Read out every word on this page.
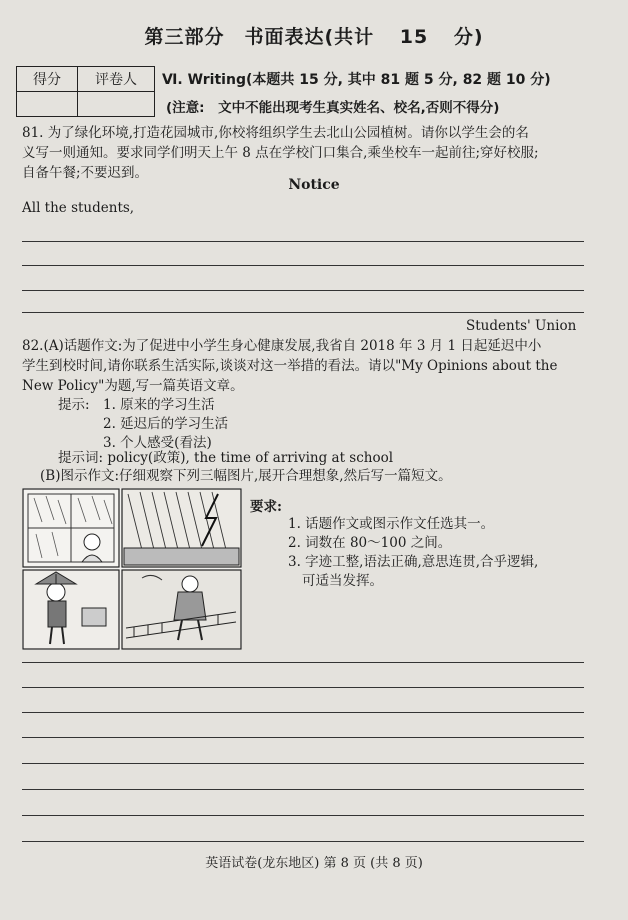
第三部分　书面表达(共计 15 分)
得分	评卷人
	Ⅵ. Writing(本题共 15 分, 其中 81 题 5 分, 82 题 10 分)
(注意:　文中不能出现考生真实姓名、校名,否则不得分)
81. 为了绿化环境,打造花园城市,你校将组织学生去北山公园植树。请你以学生会的名
义写一则通知。要求同学们明天上午 8 点在学校门口集合,乘坐校车一起前往;穿好校服;
自备午餐;不要迟到。
Notice
All the students,
Students' Union
82.(A)话题作文:为了促进中小学生身心健康发展,我省自 2018 年 3 月 1 日起延迟中小
学生到校时间,请你联系生活实际,谈谈对这一举措的看法。请以"My Opinions about the
New Policy"为题,写一篇英语文章。
提示: 1. 原来的学习生活
2. 延迟后的学习生活
3. 个人感受(看法)
提示词: policy(政策), the time of arriving at school
(B)图示作文:仔细观察下列三幅图片,展开合理想象,然后写一篇短文。
要求:
1. 话题作文或图示作文任选其一。
2. 词数在 80～100 之间。
3. 字迹工整,语法正确,意思连贯,合乎逻辑,
可适当发挥。
英语试卷(龙东地区) 第 8 页 (共 8 页)
